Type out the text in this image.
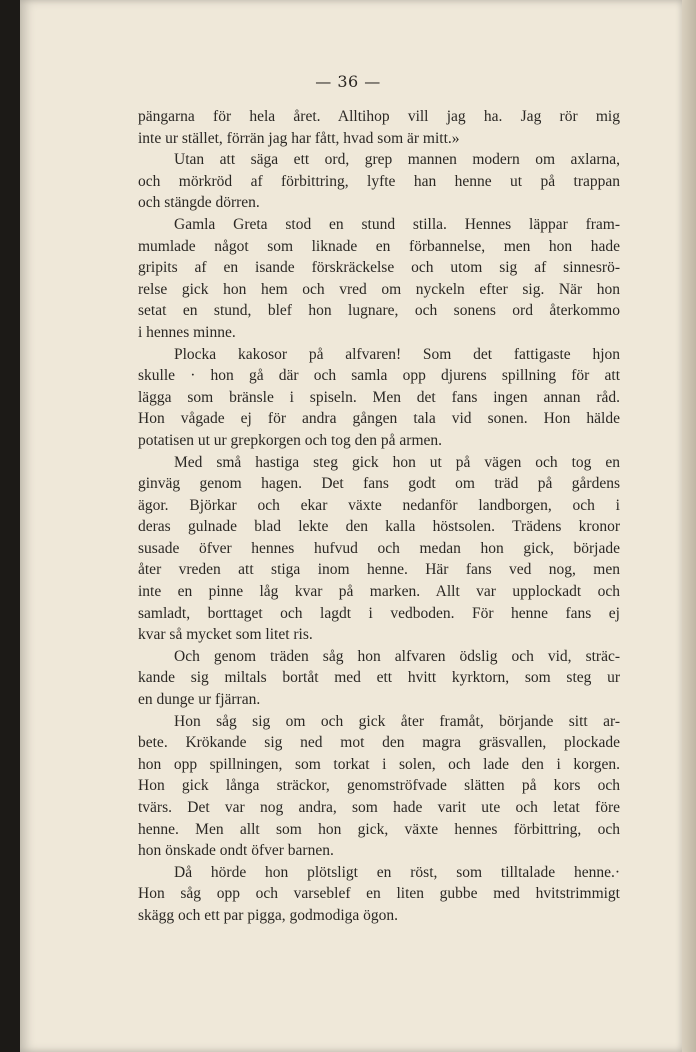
— 36 —
pängarna för hela året. Alltihop vill jag ha. Jag rör mig
inte ur stället, förrän jag har fått, hvad som är mitt.»
Utan att säga ett ord, grep mannen modern om axlarna,
och mörkröd af förbittring, lyfte han henne ut på trappan
och stängde dörren.
Gamla Greta stod en stund stilla. Hennes läppar fram-
mumlade något som liknade en förbannelse, men hon hade
gripits af en isande förskräckelse och utom sig af sinnesrö-
relse gick hon hem och vred om nyckeln efter sig. När hon
setat en stund, blef hon lugnare, och sonens ord återkommo
i hennes minne.
Plocka kakosor på alfvaren! Som det fattigaste hjon
skulle · hon gå där och samla opp djurens spillning för att
lägga som bränsle i spiseln. Men det fans ingen annan råd.
Hon vågade ej för andra gången tala vid sonen. Hon hälde
potatisen ut ur grepkorgen och tog den på armen.
Med små hastiga steg gick hon ut på vägen och tog en
ginväg genom hagen. Det fans godt om träd på gårdens
ägor. Björkar och ekar växte nedanför landborgen, och i
deras gulnade blad lekte den kalla höstsolen. Trädens kronor
susade öfver hennes hufvud och medan hon gick, började
åter vreden att stiga inom henne. Här fans ved nog, men
inte en pinne låg kvar på marken. Allt var upplockadt och
samladt, borttaget och lagdt i vedboden. För henne fans ej
kvar så mycket som litet ris.
Och genom träden såg hon alfvaren ödslig och vid, sträc-
kande sig miltals bortåt med ett hvitt kyrktorn, som steg ur
en dunge ur fjärran.
Hon såg sig om och gick åter framåt, börjande sitt ar-
bete. Krökande sig ned mot den magra gräsvallen, plockade
hon opp spillningen, som torkat i solen, och lade den i korgen.
Hon gick långa sträckor, genomströfvade slätten på kors och
tvärs. Det var nog andra, som hade varit ute och letat före
henne. Men allt som hon gick, växte hennes förbittring, och
hon önskade ondt öfver barnen.
Då hörde hon plötsligt en röst, som tilltalade henne.·
Hon såg opp och varseblef en liten gubbe med hvitstrimmigt
skägg och ett par pigga, godmodiga ögon.
